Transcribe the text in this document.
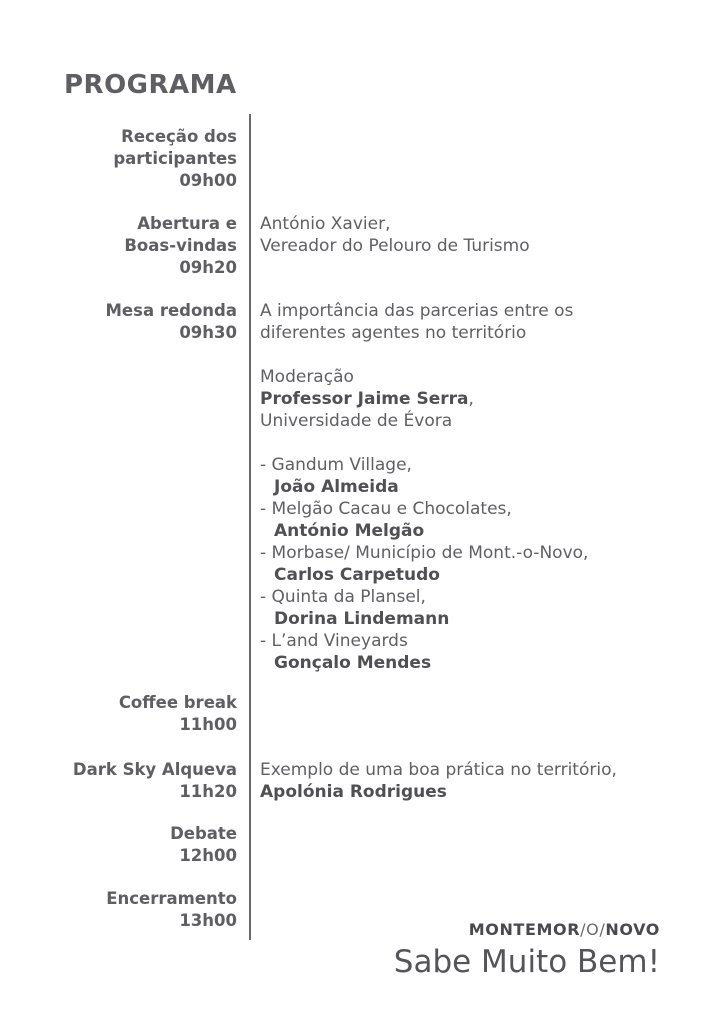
PROGRAMA
Receção dos
participantes
09h00
Abertura e
Boas-vindas
09h20
Mesa redonda
09h30
Coffee break
11h00
Dark Sky Alqueva
11h20
Debate
12h00
Encerramento
13h00
António Xavier,
Vereador do Pelouro de Turismo
A importância das parcerias entre os
diferentes agentes no território
Moderação
Professor Jaime Serra,
Universidade de Évora
- Gandum Village,
João Almeida
- Melgão Cacau e Chocolates,
António Melgão
- Morbase/ Município de Mont.-o-Novo,
Carlos Carpetudo
- Quinta da Plansel,
Dorina Lindemann
- L’and Vineyards
Gonçalo Mendes
Exemplo de uma boa prática no território,
Apolónia Rodrigues
MONTEMOR/O/NOVO
Sabe Muito Bem!
